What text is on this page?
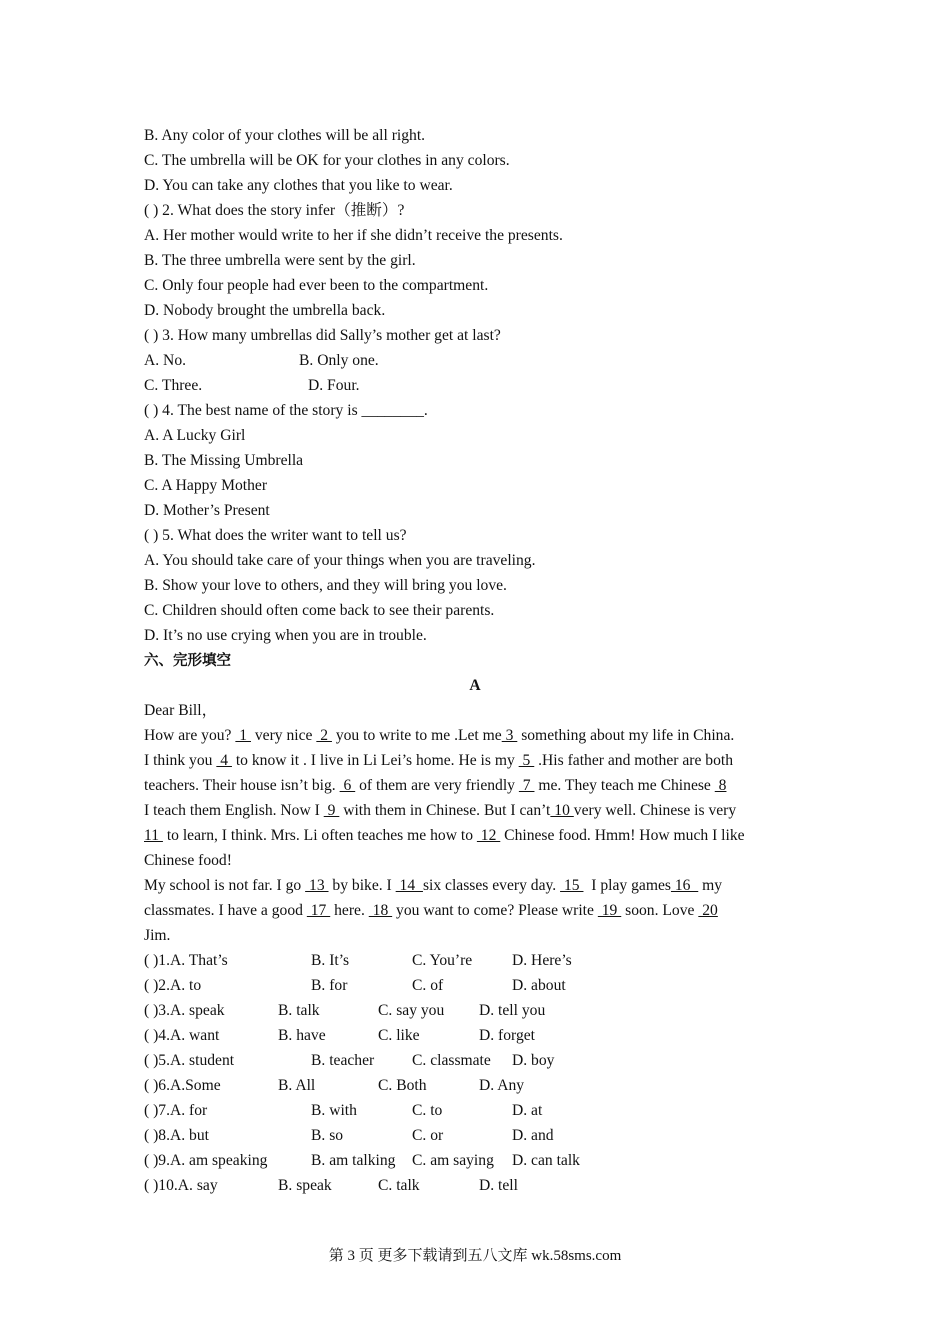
B. Any color of your clothes will be all right.
C. The umbrella will be OK for your clothes in any colors.
D. You can take any clothes that you like to wear.
( ) 2. What does the story infer（推断）?
A. Her mother would write to her if she didn’t receive the presents.
B. The three umbrella were sent by the girl.
C. Only four people had ever been to the compartment.
D. Nobody brought the umbrella back.
( ) 3. How many umbrellas did Sally’s mother get at last?
A. No.	B. Only one.
C. Three.	D. Four.
( ) 4. The best name of the story is ________.
A. A Lucky Girl
B. The Missing Umbrella
C. A Happy Mother
D. Mother’s Present
( ) 5. What does the writer want to tell us?
A. You should take care of your things when you are traveling.
B. Show your love to others, and they will bring you love.
C. Children should often come back to see their parents.
D. It’s no use crying when you are in trouble.
六、完形填空
A
Dear Bill，
How are you?  1  very nice  2  you to write to me .Let me 3  something about my life in China.
I think you  4  to know it . I live in Li Lei’s home. He is my  5  .His father and mother are both
teachers. Their house isn’t big.  6  of them are very friendly  7  me. They teach me Chinese  8
I teach them English. Now I  9  with them in Chinese. But I can’t 10 very well. Chinese is very
11  to learn, I think. Mrs. Li often teaches me how to  12  Chinese food. Hmm! How much I like
Chinese food!
My school is not far. I go  13  by bike. I  14  six classes every day.  15   I play games 16   my
classmates. I have a good  17  here.  18  you want to come? Please write  19  soon. Love  20
Jim.
( )1.A. That’s	B. It’s	C. You’re	D. Here’s
( )2.A. to	B. for	C. of	D. about
( )3.A. speak	B. talk	C. say you D. tell you
( )4.A. want	B. have	C. like	D. forget
( )5.A. student	B. teacher C. classmate D. boy
( )6.A.Some	B. All	C. Both	D. Any
( )7.A. for	B. with	C. to	D. at
( )8.A. but	B. so	C. or	D. and
( )9.A. am speaking	B. am talking C. am saying D. can talk
( )10.A. say	B. speak	C. talk	D. tell
第 3 页 更多下载请到五八文库 wk.58sms.com
